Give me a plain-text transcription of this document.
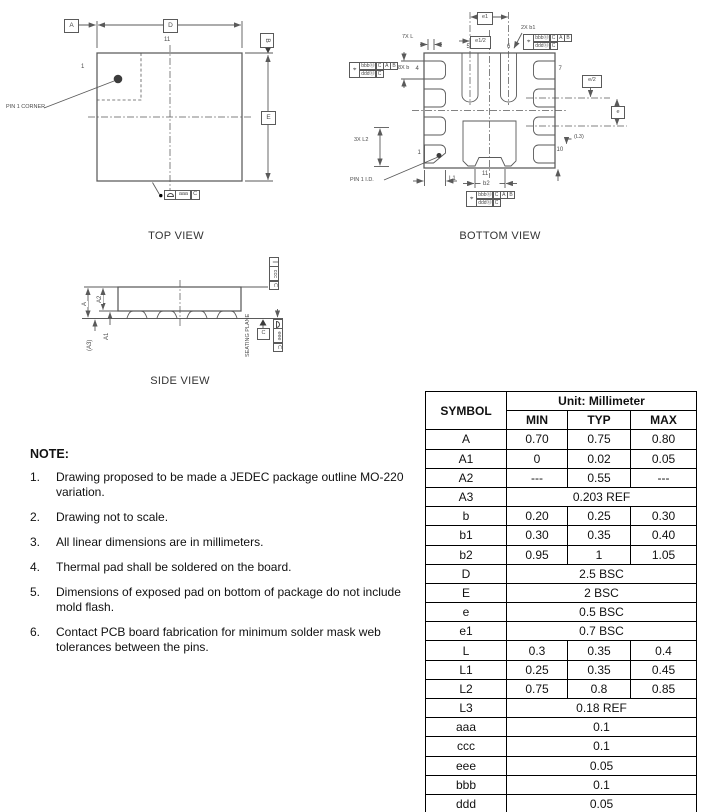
A	D
B
E
11
1
PIN 1 CORNER
aaa C
TOP VIEW
7X L
e1
e1/2
2X b1
8X b 4
5	6
7
e/2
e
(L3)
10
1
3X L2
PIN 1 I.D.	L1
11
b2
⌖
bbbⓂ C A B
dddⓂ C
⌖
bbbⓂ C A B
dddⓂ C
⌖
bbbⓂ C A B
dddⓂ C
BOTTOM VIEW
A
A2
A1
(A3)	SEATING PLANE C
∥
ccc
C
eee
C
SIDE VIEW
NOTE:
1.	Drawing proposed to be made a JEDEC package outline MO-220 variation.
2.	Drawing not to scale.
3.	All linear dimensions are in millimeters.
4.	Thermal pad shall be soldered on the board.
5.	Dimensions of exposed pad on bottom of package do not include mold flash.
6.	Contact PCB board fabrication for minimum solder mask web tolerances between the pins.
SYMBOL	Unit: Millimeter		
	MIN	TYP	MAX
A	0.70	0.75	0.80
A1	0	0.02	0.05
A2	---	0.55	---
A3	0.203 REF		
b	0.20	0.25	0.30
b1	0.30	0.35	0.40
b2	0.95	1	1.05
D	2.5 BSC		
E	2 BSC		
e	0.5 BSC		
e1	0.7 BSC		
L	0.3	0.35	0.4
L1	0.25	0.35	0.45
L2	0.75	0.8	0.85
L3	0.18 REF		
aaa	0.1		
ccc	0.1		
eee	0.05		
bbb	0.1		
ddd	0.05		
